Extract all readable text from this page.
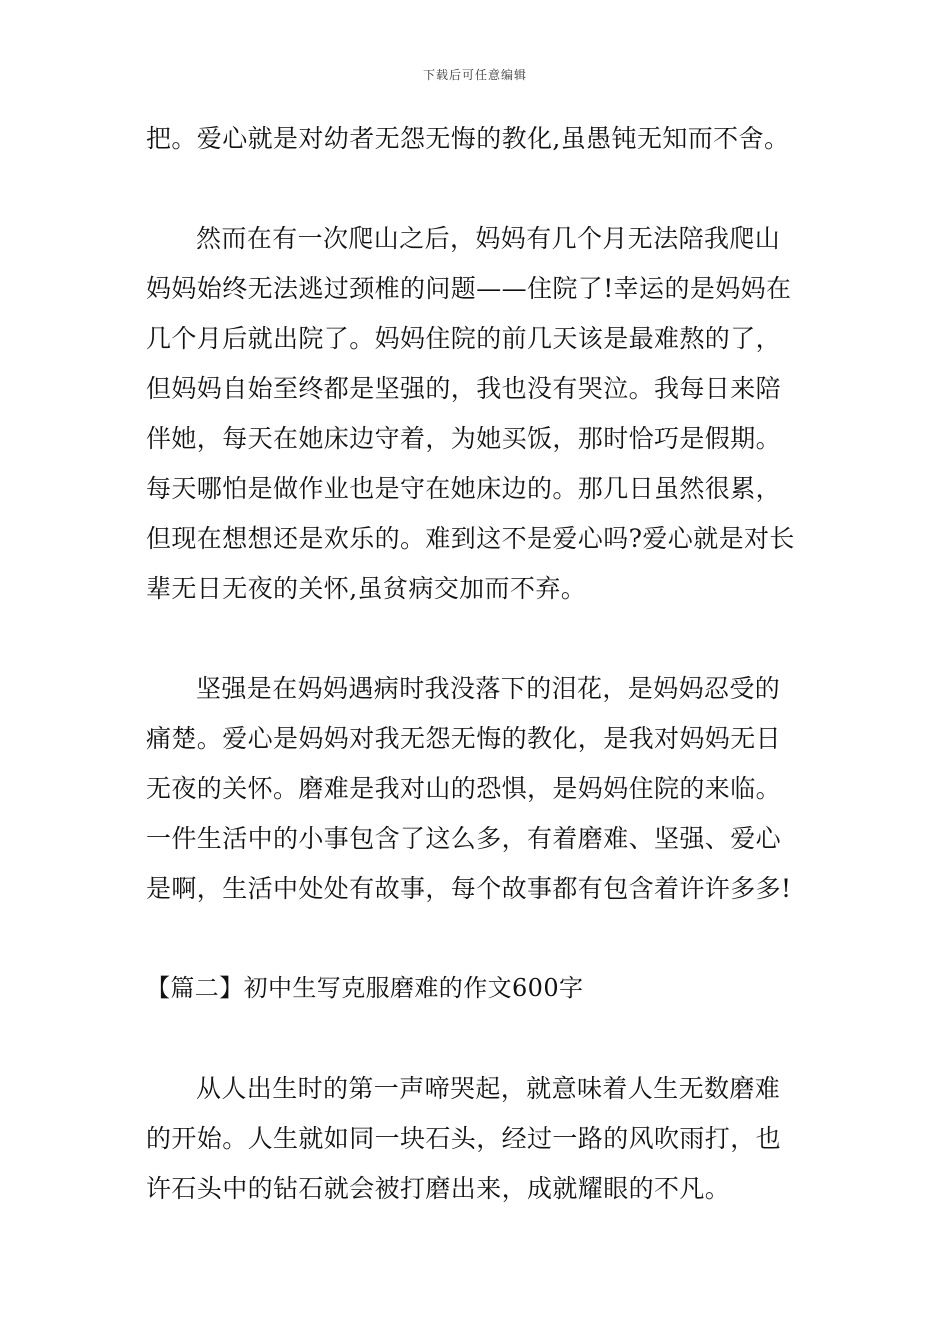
下载后可任意编辑
把。爱心就是对幼者无怨无悔的教化,虽愚钝无知而不舍。
然而在有一次爬山之后，妈妈有几个月无法陪我爬山
妈妈始终无法逃过颈椎的问题——住院了!幸运的是妈妈在
几个月后就出院了。妈妈住院的前几天该是最难熬的了，
但妈妈自始至终都是坚强的，我也没有哭泣。我每日来陪
伴她，每天在她床边守着，为她买饭，那时恰巧是假期。
每天哪怕是做作业也是守在她床边的。那几日虽然很累，
但现在想想还是欢乐的。难到这不是爱心吗?爱心就是对长
辈无日无夜的关怀,虽贫病交加而不弃。
坚强是在妈妈遇病时我没落下的泪花，是妈妈忍受的
痛楚。爱心是妈妈对我无怨无悔的教化，是我对妈妈无日
无夜的关怀。磨难是我对山的恐惧，是妈妈住院的来临。
一件生活中的小事包含了这么多，有着磨难、坚强、爱心
是啊，生活中处处有故事，每个故事都有包含着许许多多!
【篇二】初中生写克服磨难的作文600字
从人出生时的第一声啼哭起，就意味着人生无数磨难
的开始。人生就如同一块石头，经过一路的风吹雨打，也
许石头中的钻石就会被打磨出来，成就耀眼的不凡。
